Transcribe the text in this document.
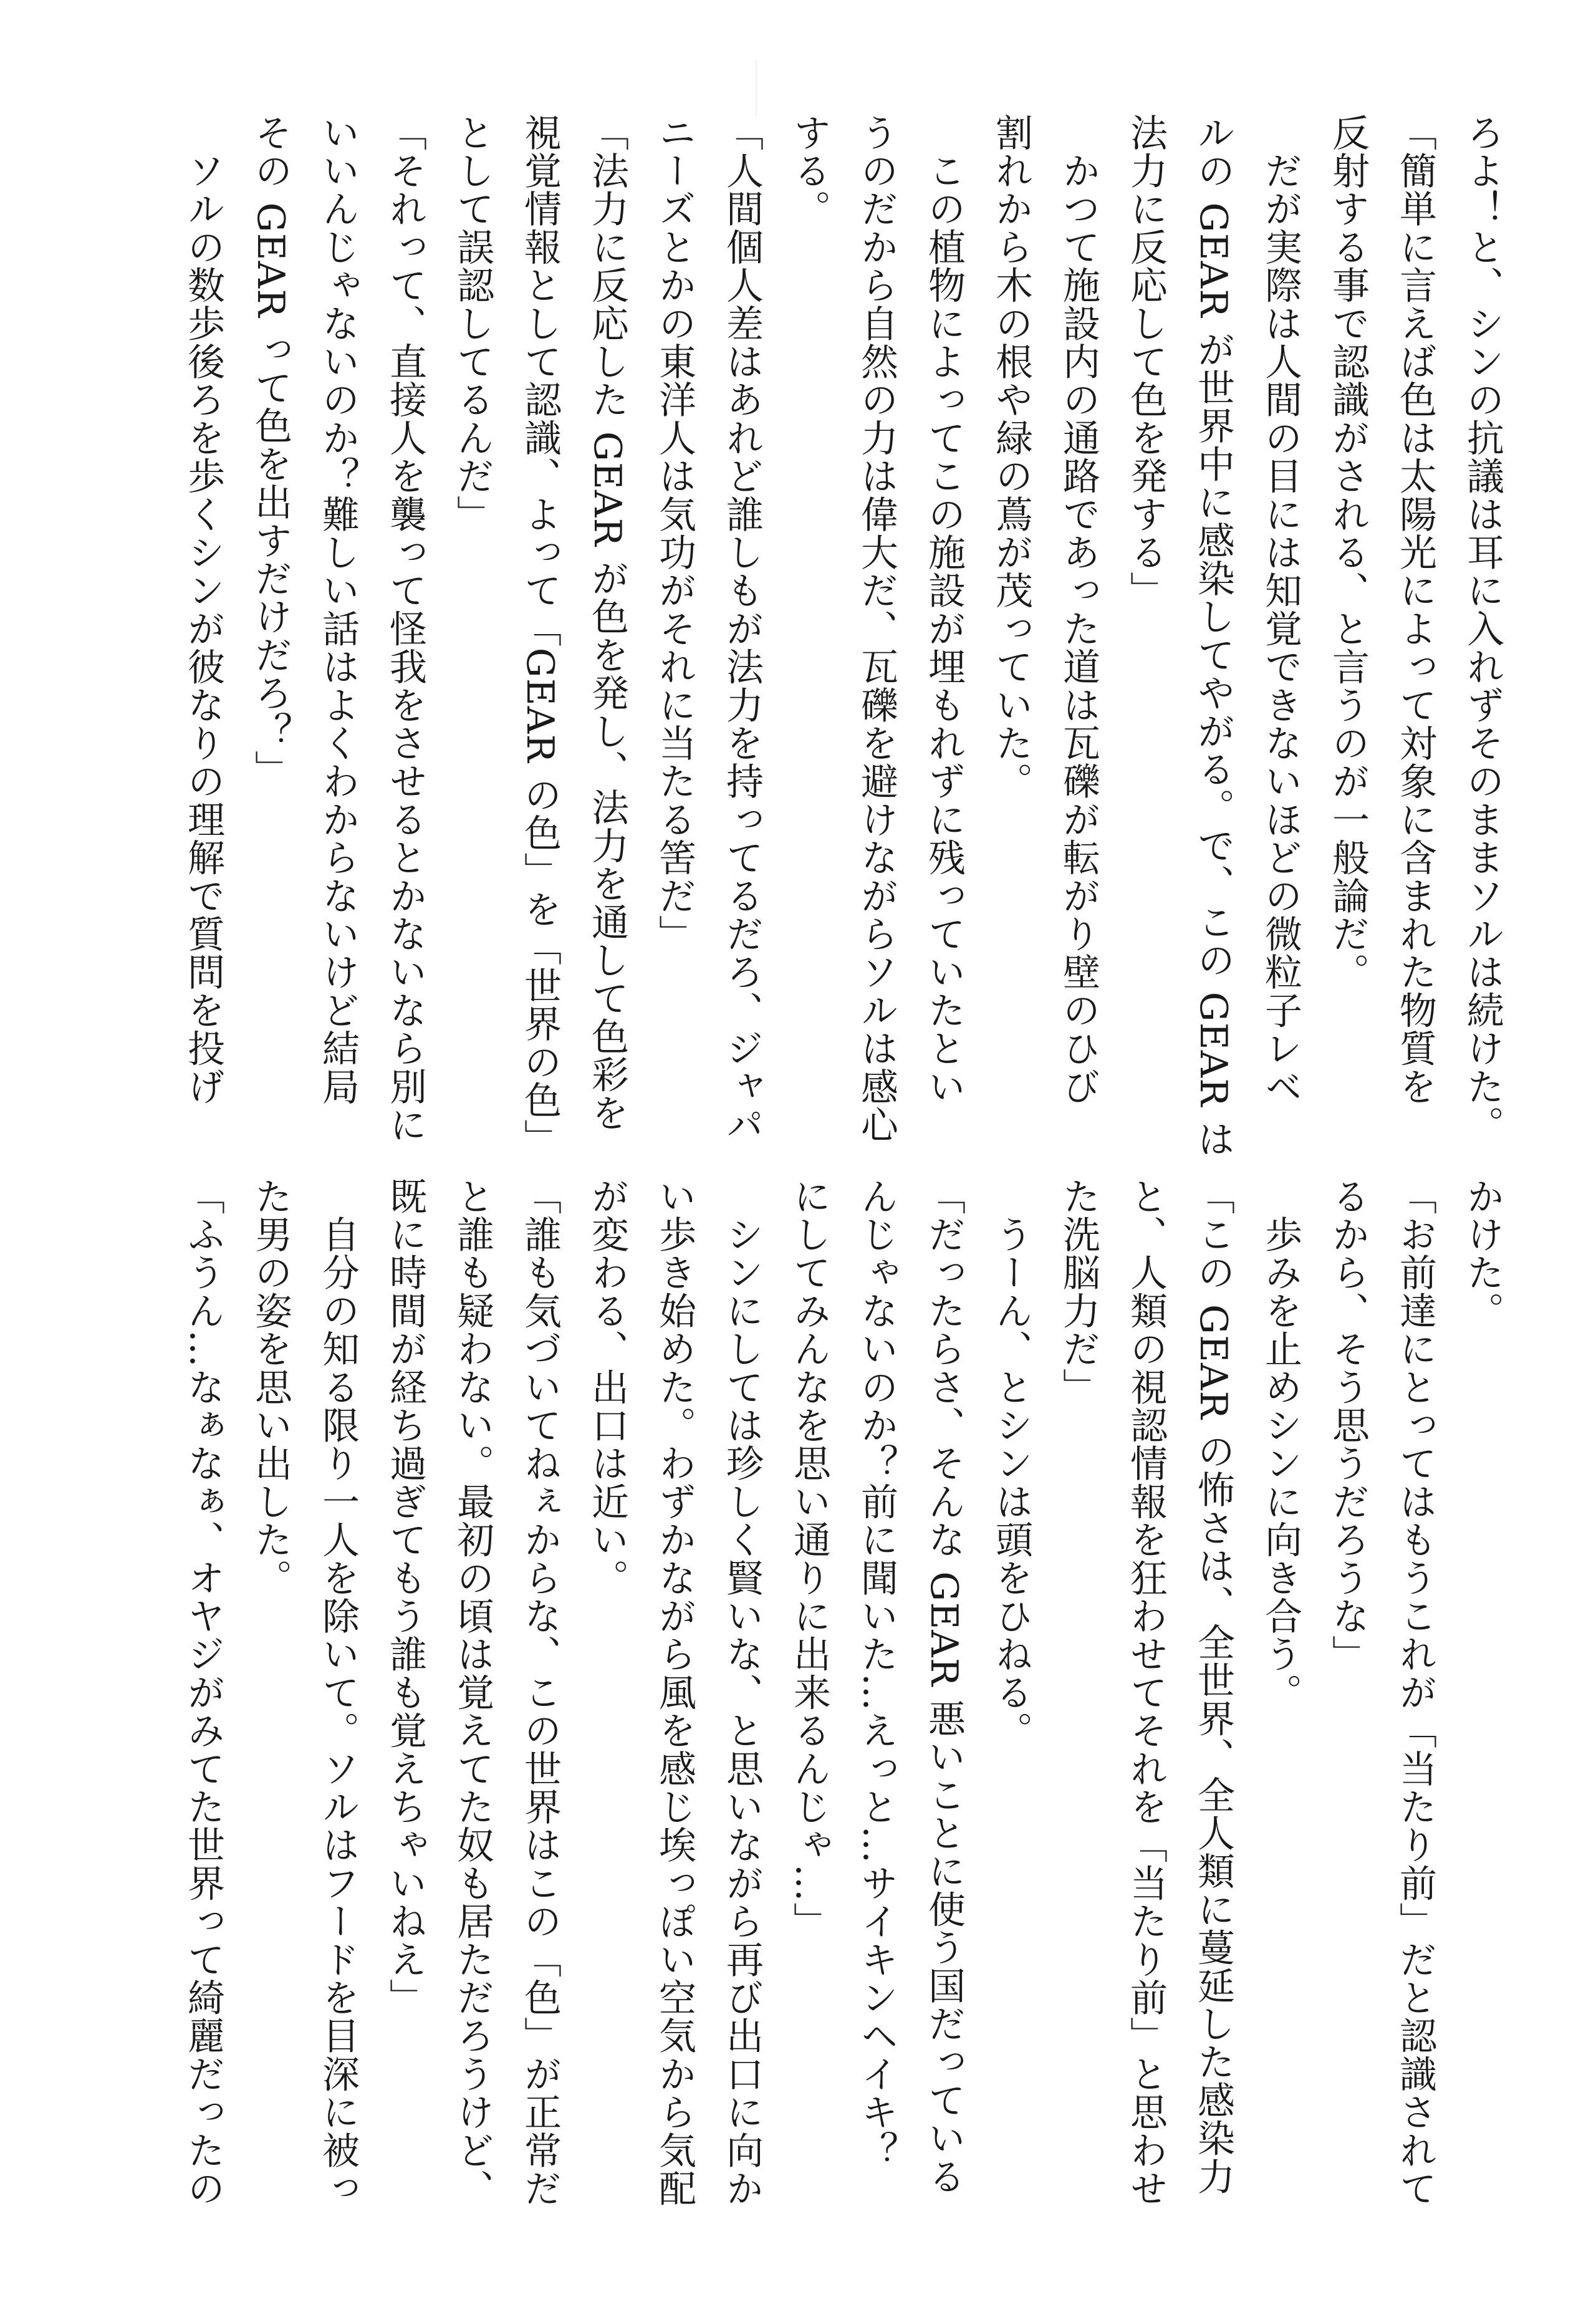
ろよ！と、シンの抗議は耳に入れずそのままソルは続けた。
「簡単に言えば色は太陽光によって対象に含まれた物質を
反射する事で認識がされる、と言うのが一般論だ。
　だが実際は人間の目には知覚できないほどの微粒子レベ
ルの GEAR が世界中に感染してやがる。で、この GEAR は
法力に反応して色を発する」
　かつて施設内の通路であった道は瓦礫が転がり壁のひび
割れから木の根や緑の蔦が茂っていた。
　この植物によってこの施設が埋もれずに残っていたとい
うのだから自然の力は偉大だ、瓦礫を避けながらソルは感心
する。
「人間個人差はあれど誰しもが法力を持ってるだろ、ジャパ
ニーズとかの東洋人は気功がそれに当たる筈だ」
「法力に反応した GEAR が色を発し、法力を通して色彩を
視覚情報として認識、よって「GEAR の色」を「世界の色」
として誤認してるんだ」
「それって、直接人を襲って怪我をさせるとかないなら別に
いいんじゃないのか？難しい話はよくわからないけど結局
その GEAR って色を出すだけだろ？」
　ソルの数歩後ろを歩くシンが彼なりの理解で質問を投げ
かけた。
「お前達にとってはもうこれが「当たり前」だと認識されて
るから、そう思うだろうな」
　歩みを止めシンに向き合う。
「この GEAR の怖さは、全世界、全人類に蔓延した感染力
と、人類の視認情報を狂わせてそれを「当たり前」と思わせ
た洗脳力だ」
　うーん、とシンは頭をひねる。
「だったらさ、そんな GEAR 悪いことに使う国だっている
んじゃないのか？前に聞いた…えっと…サイキンヘイキ？
にしてみんなを思い通りに出来るんじゃ…」
　シンにしては珍しく賢いな、と思いながら再び出口に向か
い歩き始めた。わずかながら風を感じ埃っぽい空気から気配
が変わる、出口は近い。
「誰も気づいてねぇからな、この世界はこの「色」が正常だ
と誰も疑わない。最初の頃は覚えてた奴も居ただろうけど、
既に時間が経ち過ぎてもう誰も覚えちゃいねえ」
　自分の知る限り一人を除いて。ソルはフードを目深に被っ
た男の姿を思い出した。
「ふうん…なぁなぁ、オヤジがみてた世界って綺麗だったの
